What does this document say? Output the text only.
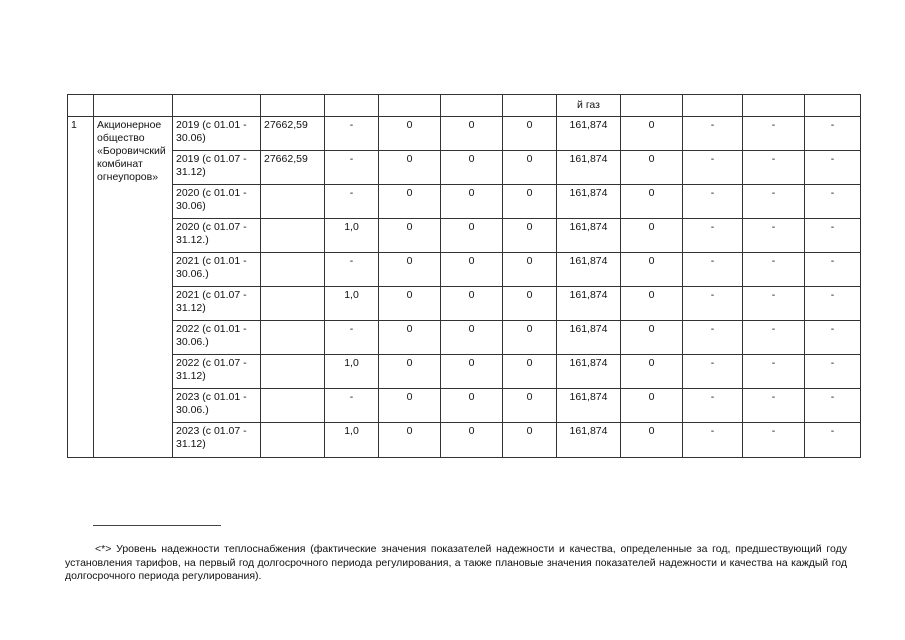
								й газ				
1	Акционерное общество «Боровичский комбинат огнеупоров»	2019 (с 01.01 - 30.06)	27662,59	-	0	0	0	161,874	0	-	-	-
		2019 (с 01.07 - 31.12)	27662,59	-	0	0	0	161,874	0	-	-	-
		2020 (с 01.01 - 30.06)		-	0	0	0	161,874	0	-	-	-
		2020 (с 01.07 - 31.12.)		1,0	0	0	0	161,874	0	-	-	-
		2021 (с 01.01 - 30.06.)		-	0	0	0	161,874	0	-	-	-
		2021 (с 01.07 - 31.12)		1,0	0	0	0	161,874	0	-	-	-
		2022 (с 01.01 - 30.06.)		-	0	0	0	161,874	0	-	-	-
		2022 (с 01.07 - 31.12)		1,0	0	0	0	161,874	0	-	-	-
		2023 (с 01.01 - 30.06.)		-	0	0	0	161,874	0	-	-	-
		2023 (с 01.07 - 31.12)		1,0	0	0	0	161,874	0	-	-	-
<*> Уровень надежности теплоснабжения (фактические значения показателей надежности и качества, определенные за год, предшествующий году установления тарифов, на первый год долгосрочного периода регулирования, а также плановые значения показателей надежности и качества на каждый год долгосрочного периода регулирования).
